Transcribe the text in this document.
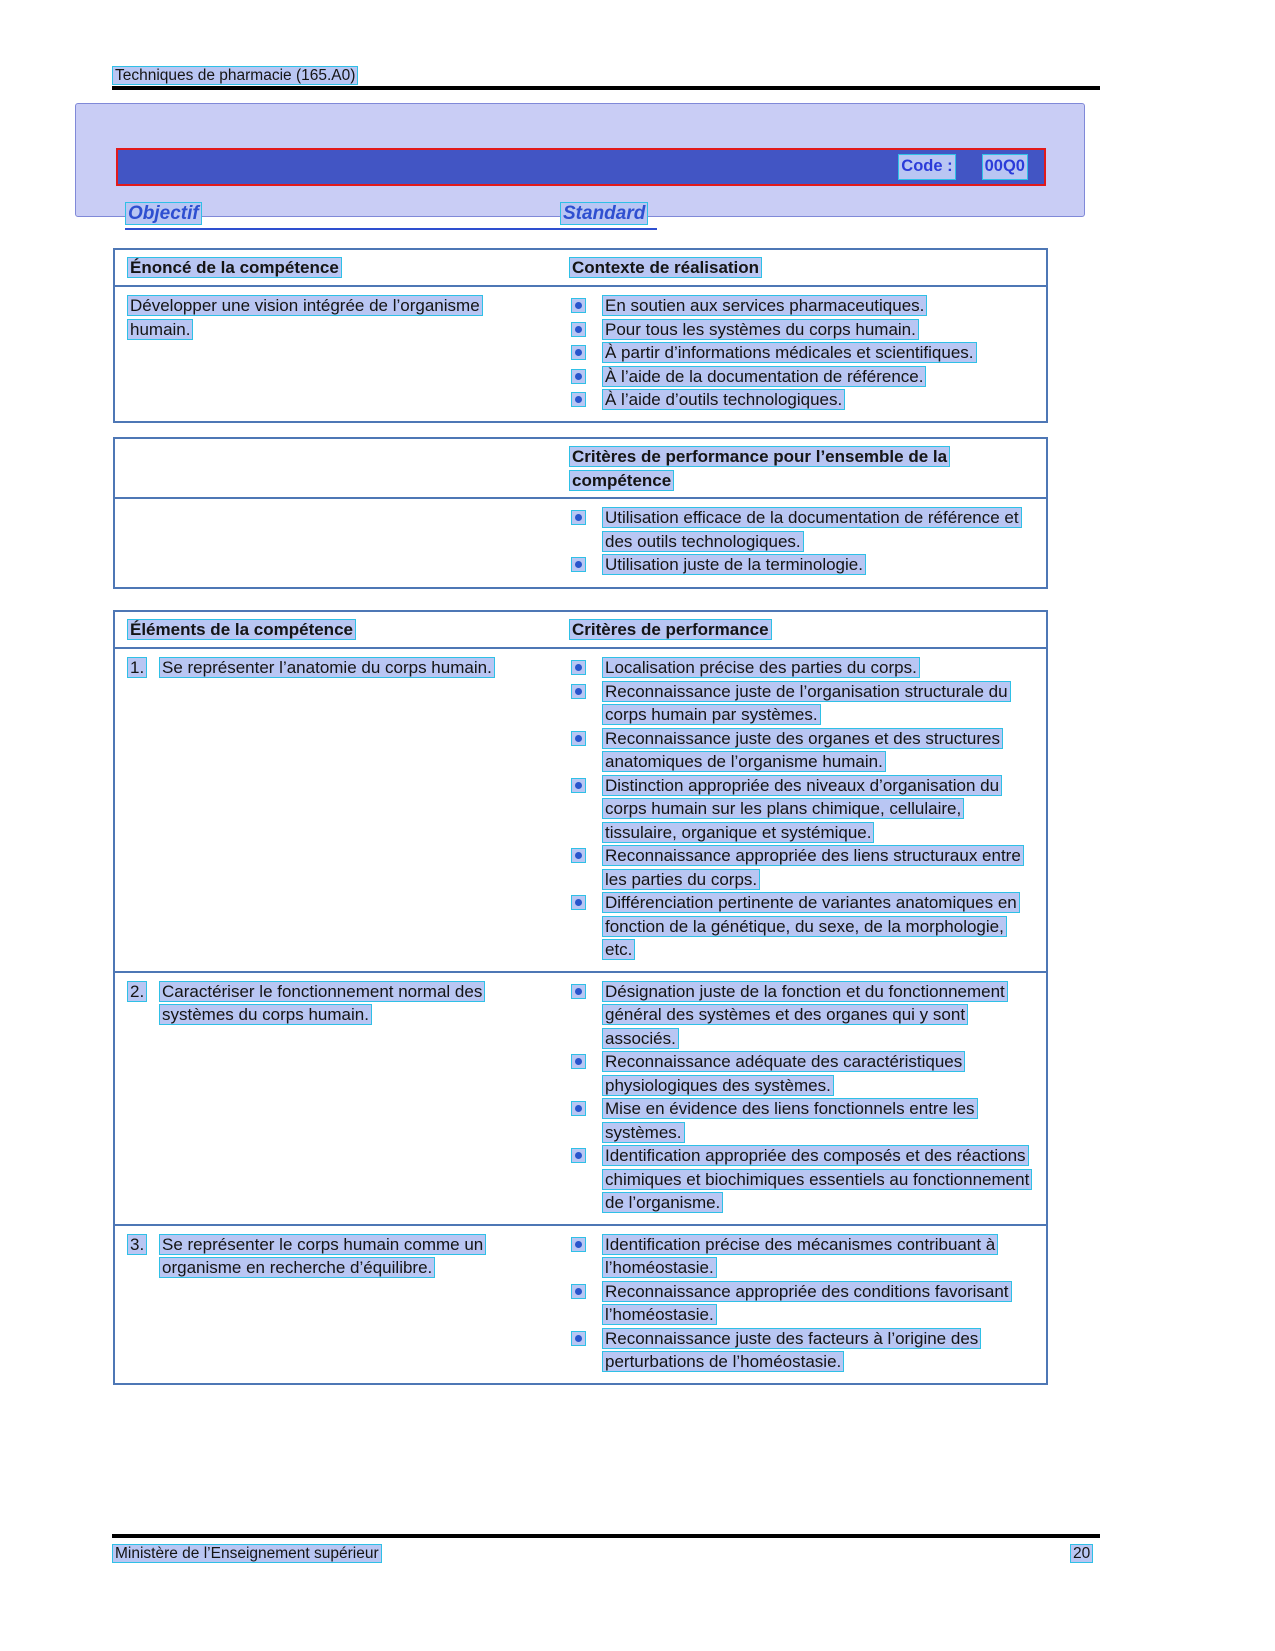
Techniques de pharmacie (165.A0)
Code : 00Q0
Objectif	Standard
Énoncé de la compétence	Contexte de réalisation
Développer une vision intégrée de l’organisme humain.
En soutien aux services pharmaceutiques.
Pour tous les systèmes du corps humain.
À partir d’informations médicales et scientifiques.
À l’aide de la documentation de référence.
À l’aide d’outils technologiques.
Critères de performance pour l’ensemble de la compétence
Utilisation efficace de la documentation de référence et des outils technologiques.
Utilisation juste de la terminologie.
Éléments de la compétence	Critères de performance
1.	Se représenter l’anatomie du corps humain.	Localisation précise des parties du corps.
Reconnaissance juste de l’organisation structurale du corps humain par systèmes.
Reconnaissance juste des organes et des structures anatomiques de l’organisme humain.
Distinction appropriée des niveaux d’organisation du corps humain sur les plans chimique, cellulaire, tissulaire, organique et systémique.
Reconnaissance appropriée des liens structuraux entre les parties du corps.
Différenciation pertinente de variantes anatomiques en fonction de la génétique, du sexe, de la morphologie, etc.
2.	Caractériser le fonctionnement normal des systèmes du corps humain.
Désignation juste de la fonction et du fonctionnement général des systèmes et des organes qui y sont associés.
Reconnaissance adéquate des caractéristiques physiologiques des systèmes.
Mise en évidence des liens fonctionnels entre les systèmes.
Identification appropriée des composés et des réactions chimiques et biochimiques essentiels au fonctionnement de l’organisme.
3.	Se représenter le corps humain comme un organisme en recherche d’équilibre.
Identification précise des mécanismes contribuant à l’homéostasie.
Reconnaissance appropriée des conditions favorisant l’homéostasie.
Reconnaissance juste des facteurs à l’origine des perturbations de l’homéostasie.
Ministère de l’Enseignement supérieur	20
